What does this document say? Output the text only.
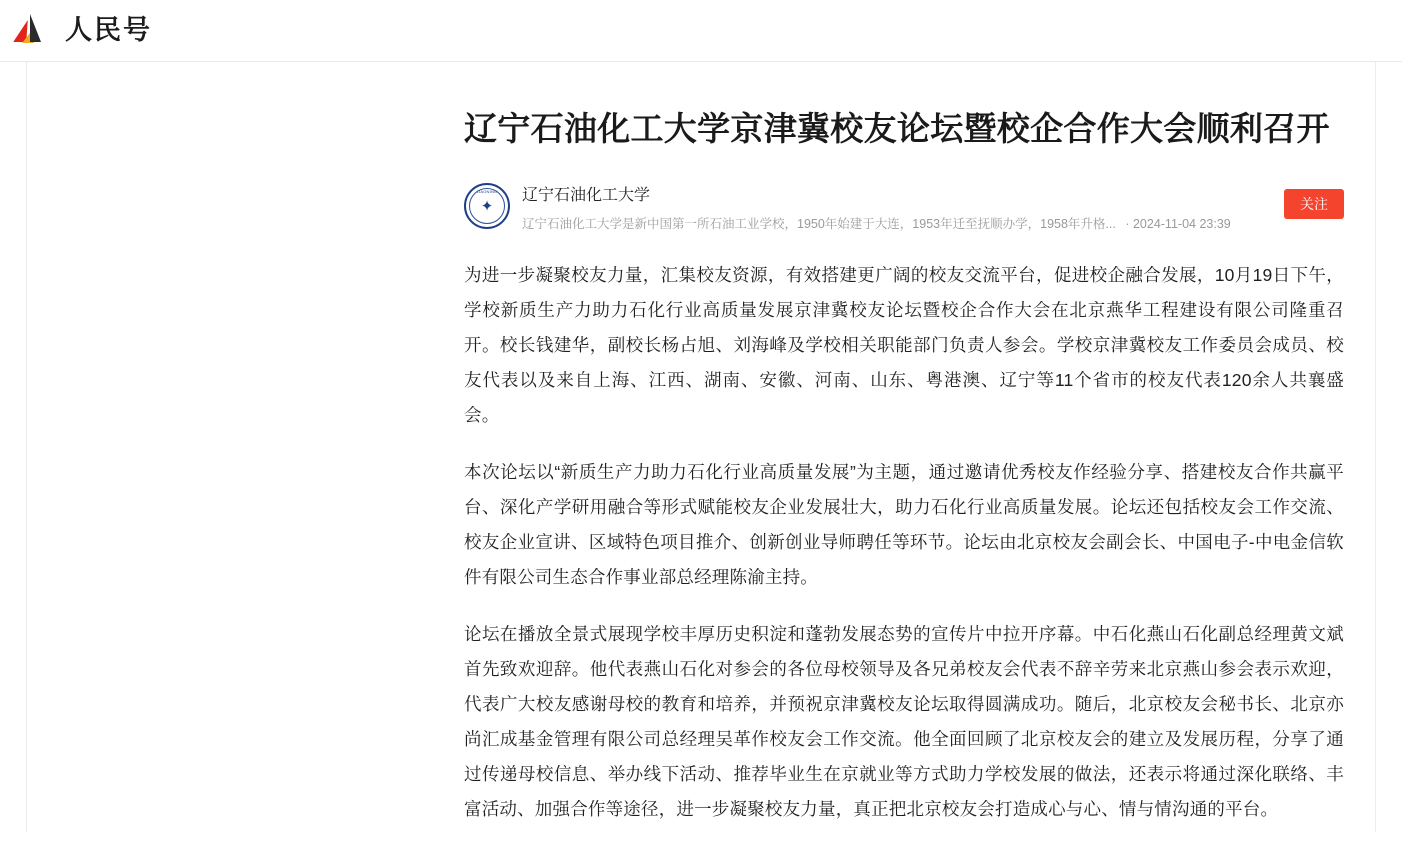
人民号
辽宁石油化工大学京津冀校友论坛暨校企合作大会顺利召开
LIAONING
✦
辽宁石油化工大学
辽宁石油化工大学是新中国第一所石油工业学校，1950年始建于大连，1953年迁至抚顺办学，1958年升格... · 2024-11-04 23:39
关注

为进一步凝聚校友力量，汇集校友资源，有效搭建更广阔的校友交流平台，促进校企融合发展，10月19日下午，学校新质生产力助力石化行业高质量发展京津冀校友论坛暨校企合作大会在北京燕华工程建设有限公司隆重召开。校长钱建华，副校长杨占旭、刘海峰及学校相关职能部门负责人参会。学校京津冀校友工作委员会成员、校友代表以及来自上海、江西、湖南、安徽、河南、山东、粤港澳、辽宁等11个省市的校友代表120余人共襄盛会。

本次论坛以“新质生产力助力石化行业高质量发展”为主题，通过邀请优秀校友作经验分享、搭建校友合作共赢平台、深化产学研用融合等形式赋能校友企业发展壮大，助力石化行业高质量发展。论坛还包括校友会工作交流、校友企业宣讲、区域特色项目推介、创新创业导师聘任等环节。论坛由北京校友会副会长、中国电子-中电金信软件有限公司生态合作事业部总经理陈渝主持。

论坛在播放全景式展现学校丰厚历史积淀和蓬勃发展态势的宣传片中拉开序幕。中石化燕山石化副总经理黄文斌首先致欢迎辞。他代表燕山石化对参会的各位母校领导及各兄弟校友会代表不辞辛劳来北京燕山参会表示欢迎，代表广大校友感谢母校的教育和培养，并预祝京津冀校友论坛取得圆满成功。随后，北京校友会秘书长、北京亦尚汇成基金管理有限公司总经理吴革作校友会工作交流。他全面回顾了北京校友会的建立及发展历程，分享了通过传递母校信息、举办线下活动、推荐毕业生在京就业等方式助力学校发展的做法，还表示将通过深化联络、丰富活动、加强合作等途径，进一步凝聚校友力量，真正把北京校友会打造成心与心、情与情沟通的平台。
